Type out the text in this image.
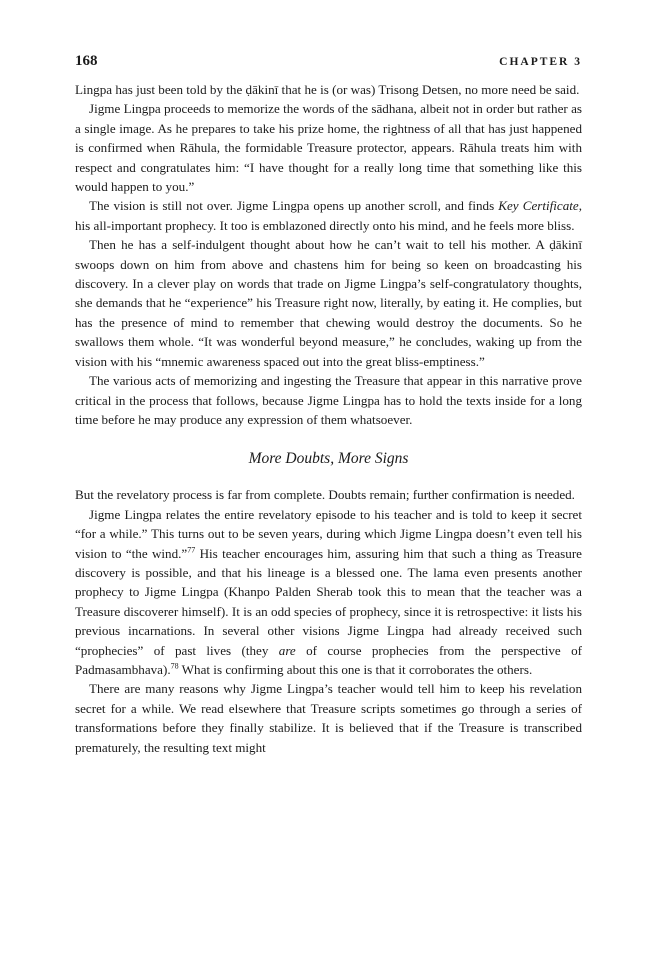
168	CHAPTER 3

Lingpa has just been told by the ḍākinī that he is (or was) Trisong Detsen, no more need be said.

Jigme Lingpa proceeds to memorize the words of the sādhana, albeit not in order but rather as a single image. As he prepares to take his prize home, the rightness of all that has just happened is confirmed when Rāhula, the formidable Treasure protector, appears. Rāhula treats him with respect and congratulates him: “I have thought for a really long time that something like this would happen to you.”

The vision is still not over. Jigme Lingpa opens up another scroll, and finds Key Certificate, his all-important prophecy. It too is emblazoned directly onto his mind, and he feels more bliss.

Then he has a self-indulgent thought about how he can’t wait to tell his mother. A ḍākinī swoops down on him from above and chastens him for being so keen on broadcasting his discovery. In a clever play on words that trade on Jigme Lingpa’s self-congratulatory thoughts, she demands that he “experience” his Treasure right now, literally, by eating it. He complies, but has the presence of mind to remember that chewing would destroy the documents. So he swallows them whole. “It was wonderful beyond measure,” he concludes, waking up from the vision with his “mnemic awareness spaced out into the great bliss-emptiness.”

The various acts of memorizing and ingesting the Treasure that appear in this narrative prove critical in the process that follows, because Jigme Lingpa has to hold the texts inside for a long time before he may produce any expression of them whatsoever.

More Doubts, More Signs

But the revelatory process is far from complete. Doubts remain; further confirmation is needed.

Jigme Lingpa relates the entire revelatory episode to his teacher and is told to keep it secret “for a while.” This turns out to be seven years, during which Jigme Lingpa doesn’t even tell his vision to “the wind.”$^{77}$ His teacher encourages him, assuring him that such a thing as Treasure discovery is possible, and that his lineage is a blessed one. The lama even presents another prophecy to Jigme Lingpa (Khanpo Palden Sherab took this to mean that the teacher was a Treasure discoverer himself). It is an odd species of prophecy, since it is retrospective: it lists his previous incarnations. In several other visions Jigme Lingpa had already received such “prophecies” of past lives (they are of course prophecies from the perspective of Padmasambhava).$^{78}$ What is confirming about this one is that it corroborates the others.

There are many reasons why Jigme Lingpa’s teacher would tell him to keep his revelation secret for a while. We read elsewhere that Treasure scripts sometimes go through a series of transformations before they finally stabilize. It is believed that if the Treasure is transcribed prematurely, the resulting text might
